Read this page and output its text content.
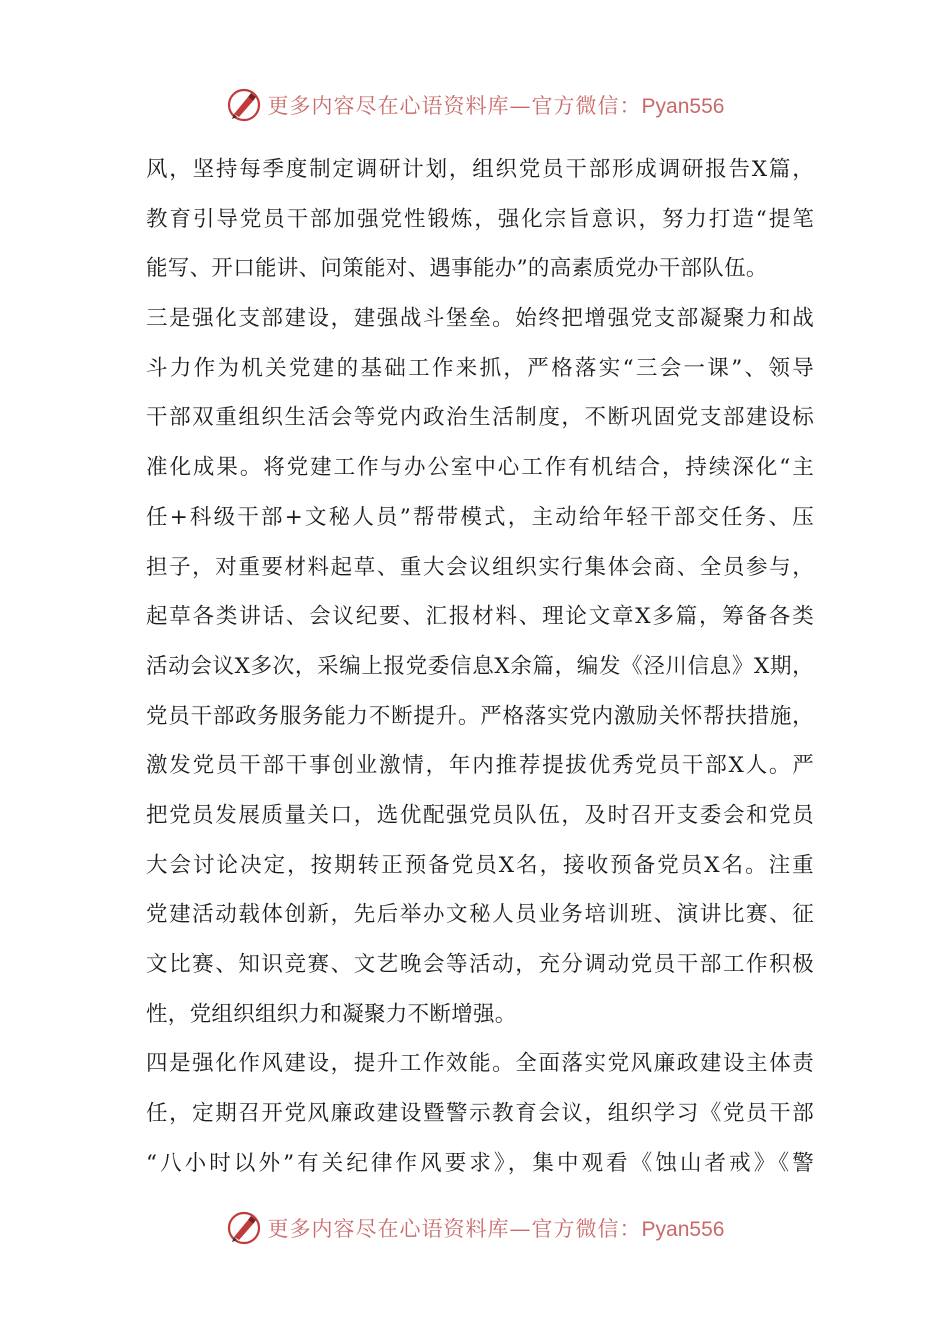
更多内容尽在心语资料库—官方微信：Pyan556
风，坚持每季度制定调研计划，组织党员干部形成调研报告Ⅹ篇，
教育引导党员干部加强党性锻炼，强化宗旨意识，努力打造“提笔
能写、开口能讲、问策能对、遇事能办”的高素质党办干部队伍。
三是强化支部建设，建强战斗堡垒。始终把增强党支部凝聚力和战
斗力作为机关党建的基础工作来抓，严格落实“三会一课”、领导
干部双重组织生活会等党内政治生活制度，不断巩固党支部建设标
准化成果。将党建工作与办公室中心工作有机结合，持续深化“主
任+科级干部+文秘人员”帮带模式，主动给年轻干部交任务、压
担子，对重要材料起草、重大会议组织实行集体会商、全员参与，
起草各类讲话、会议纪要、汇报材料、理论文章Ⅹ多篇，筹备各类
活动会议Ⅹ多次，采编上报党委信息Ⅹ余篇，编发《泾川信息》Ⅹ期，
党员干部政务服务能力不断提升。严格落实党内激励关怀帮扶措施，
激发党员干部干事创业激情，年内推荐提拔优秀党员干部Ⅹ人。严
把党员发展质量关口，选优配强党员队伍，及时召开支委会和党员
大会讨论决定，按期转正预备党员Ⅹ名，接收预备党员Ⅹ名。注重
党建活动载体创新，先后举办文秘人员业务培训班、演讲比赛、征
文比赛、知识竞赛、文艺晚会等活动，充分调动党员干部工作积极
性，党组织组织力和凝聚力不断增强。
四是强化作风建设，提升工作效能。全面落实党风廉政建设主体责
任，定期召开党风廉政建设暨警示教育会议，组织学习《党员干部
“八小时以外”有关纪律作风要求》，集中观看《蚀山者戒》《警
更多内容尽在心语资料库—官方微信：Pyan556
